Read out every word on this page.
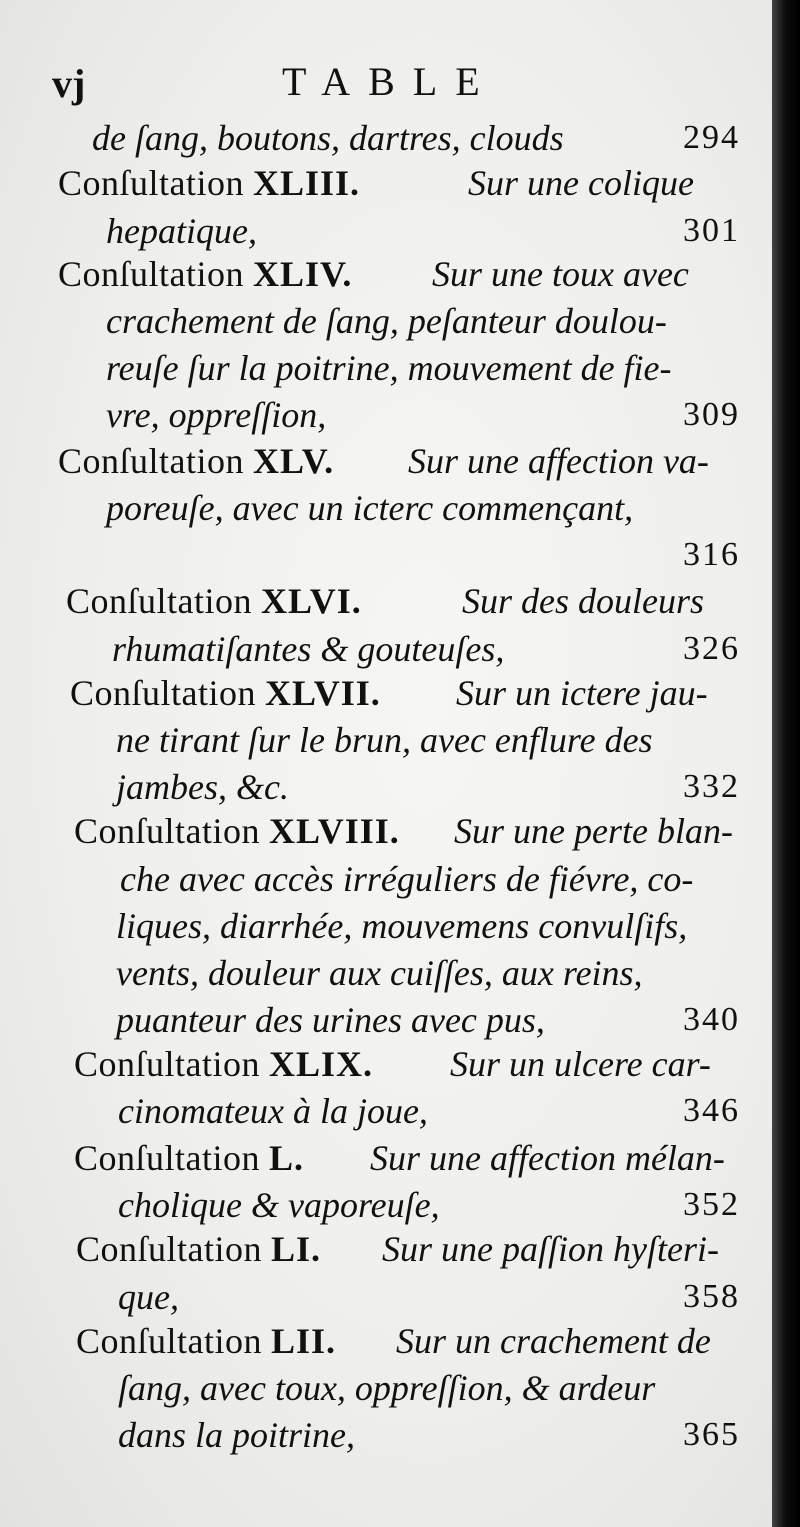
vj	TABLE
de ſang, boutons, dartres, clouds	294
Conſultation XLIII.	Sur une colique
hepatique,	301
Conſultation XLIV. Sur une toux avec
crachement de ſang, peſanteur doulou-
reuſe ſur la poitrine, mouvement de fie-
vre, oppreſſion,	309
Conſultation XLV. Sur une affection va-
poreuſe, avec un icterc commençant,
316
Conſultation XLVI.	Sur des douleurs
rhumatiſantes & gouteuſes,	326
Conſultation XLVII. Sur un ictere jau-
ne tirant ſur le brun, avec enflure des
jambes, &c.	332
Conſultation XLVIII. Sur une perte blan-
che avec accès irréguliers de fiévre, co-
liques, diarrhée, mouvemens convulſifs,
vents, douleur aux cuiſſes, aux reins,
puanteur des urines avec pus,	340
Conſultation XLIX. Sur un ulcere car-
cinomateux à la joue,	346
Conſultation L. Sur une affection mélan-
cholique & vaporeuſe,	352
Conſultation LI. Sur une paſſion hyſteri-
que,	358
Conſultation LII. Sur un crachement de
ſang, avec toux, oppreſſion, & ardeur
dans la poitrine,	365
